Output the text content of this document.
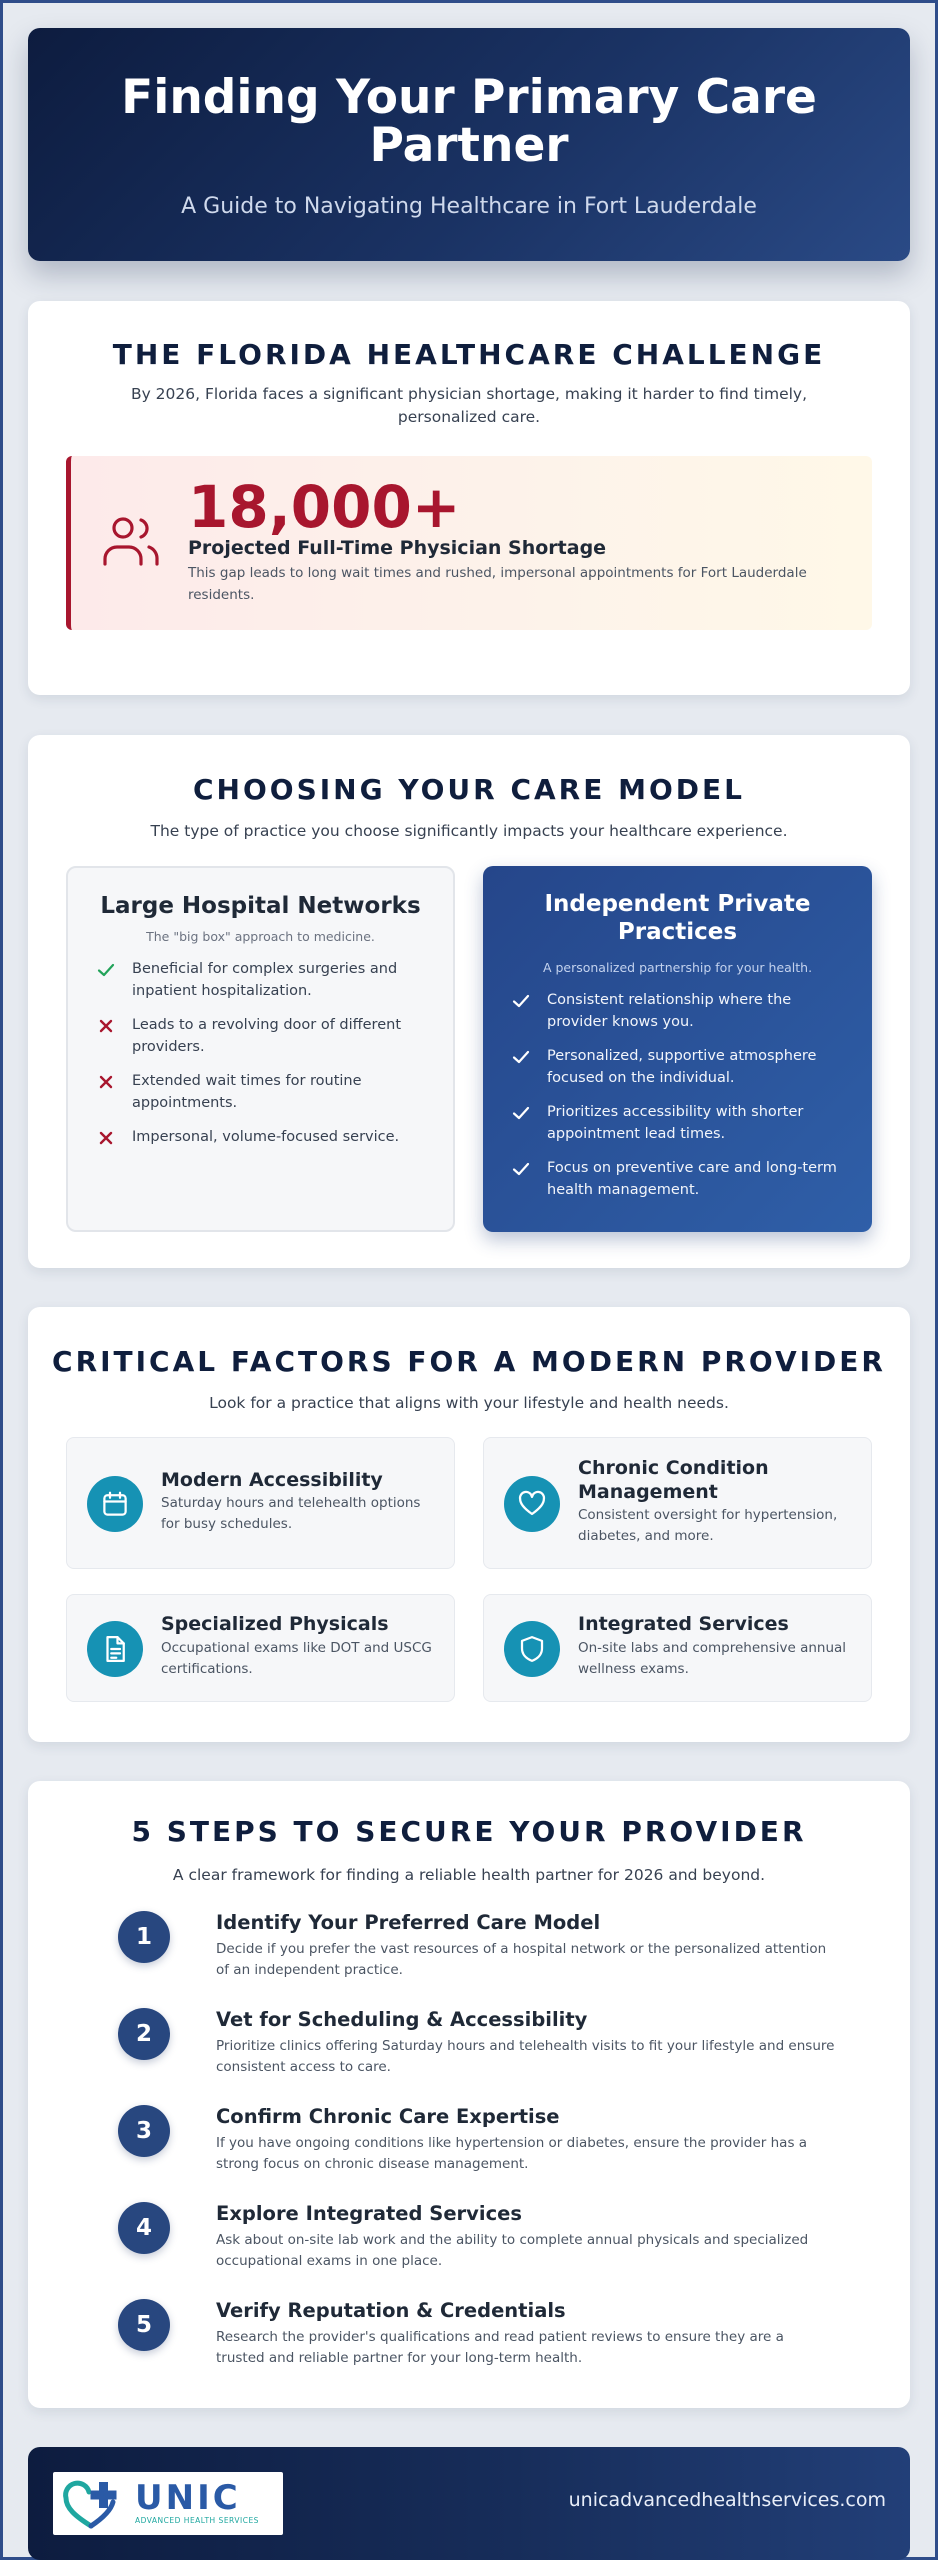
Finding Your Primary Care Partner

A Guide to Navigating Healthcare in Fort Lauderdale

THE FLORIDA HEALTHCARE CHALLENGE
By 2026, Florida faces a significant physician shortage, making it harder to find timely, personalized care.
18,000+
Projected Full-Time Physician Shortage
This gap leads to long wait times and rushed, impersonal appointments for Fort Lauderdale residents.
CHOOSING YOUR CARE MODEL
The type of practice you choose significantly impacts your healthcare experience.
Large Hospital Networks
The "big box" approach to medicine.
Beneficial for complex surgeries and inpatient hospitalization.
Leads to a revolving door of different providers.
Extended wait times for routine appointments.
Impersonal, volume-focused service.
Independent Private Practices
A personalized partnership for your health.
Consistent relationship where the provider knows you.
Personalized, supportive atmosphere focused on the individual.
Prioritizes accessibility with shorter appointment lead times.
Focus on preventive care and long-term health management.
CRITICAL FACTORS FOR A MODERN PROVIDER
Look for a practice that aligns with your lifestyle and health needs.
Modern Accessibility

Saturday hours and telehealth options for busy schedules.

Chronic Condition Management

Consistent oversight for hypertension, diabetes, and more.

Specialized Physicals

Occupational exams like DOT and USCG certifications.

Integrated Services

On-site labs and comprehensive annual wellness exams.

5 STEPS TO SECURE YOUR PROVIDER
A clear framework for finding a reliable health partner for 2026 and beyond.
1
Identify Your Preferred Care Model

Decide if you prefer the vast resources of a hospital network or the personalized attention of an independent practice.

2
Vet for Scheduling & Accessibility

Prioritize clinics offering Saturday hours and telehealth visits to fit your lifestyle and ensure consistent access to care.

3
Confirm Chronic Care Expertise

If you have ongoing conditions like hypertension or diabetes, ensure the provider has a strong focus on chronic disease management.

4
Explore Integrated Services

Ask about on-site lab work and the ability to complete annual physicals and specialized occupational exams in one place.

5
Verify Reputation & Credentials

Research the provider's qualifications and read patient reviews to ensure they are a trusted and reliable partner for your long-term health.

UNIC
ADVANCED HEALTH SERVICES
unicadvancedhealthservices.com
